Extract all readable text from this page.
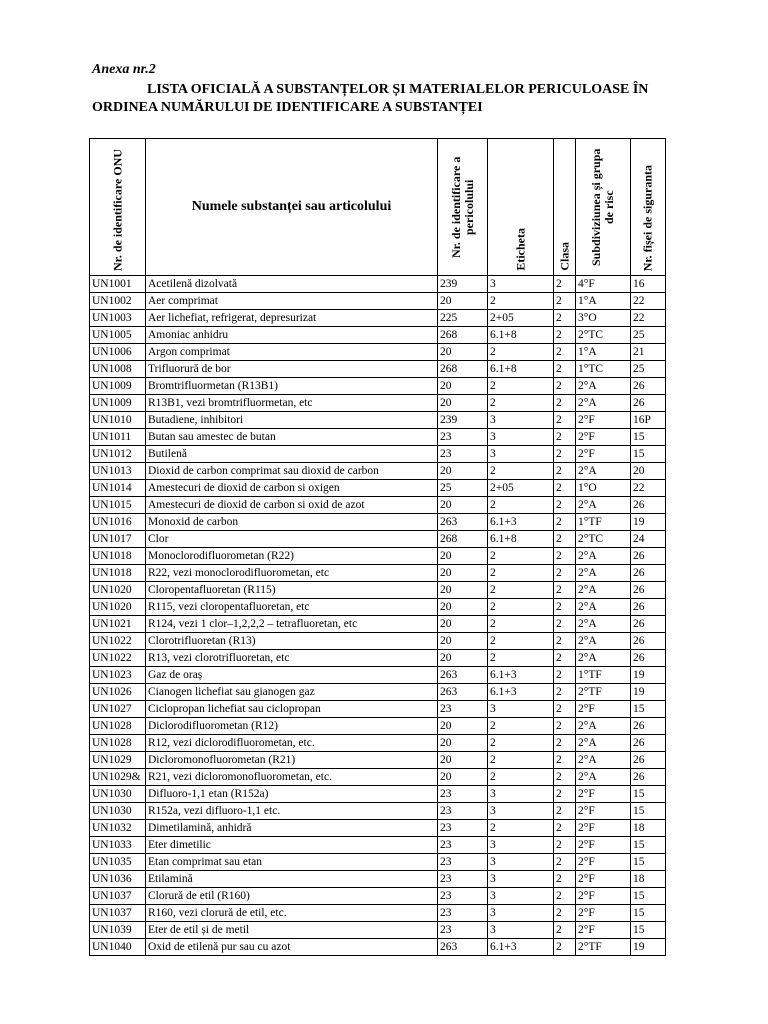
Anexa nr.2
LISTA OFICIALĂ A SUBSTANȚELOR ȘI MATERIALELOR PERICULOASE ÎN
ORDINEA NUMĂRULUI DE IDENTIFICARE A SUBSTANȚEI
Nr. de identificare ONU	Numele substanței sau articolului	Nr. de identificare a pericolului	Eticheta	Clasa	Subdiviziunea și grupa de risc	Nr. fișei de siguranta

UN1001	Acetilenă dizolvată	239	3	2	4°F	16
UN1002	Aer comprimat	20	2	2	1°A	22
UN1003	Aer lichefiat, refrigerat, depresurizat	225	2+05	2	3°O	22
UN1005	Amoniac anhidru	268	6.1+8	2	2°TC	25
UN1006	Argon comprimat	20	2	2	1°A	21
UN1008	Trifluorură de bor	268	6.1+8	2	1°TC	25
UN1009	Bromtrifluormetan (R13B1)	20	2	2	2°A	26
UN1009	R13B1, vezi bromtrifluormetan, etc	20	2	2	2°A	26
UN1010	Butadiene, inhibitori	239	3	2	2°F	16P
UN1011	Butan sau amestec de butan	23	3	2	2°F	15
UN1012	Butilenă	23	3	2	2°F	15
UN1013	Dioxid de carbon comprimat sau dioxid de carbon	20	2	2	2°A	20
UN1014	Amestecuri de dioxid de carbon si oxigen	25	2+05	2	1°O	22
UN1015	Amestecuri de dioxid de carbon si oxid de azot	20	2	2	2°A	26
UN1016	Monoxid de carbon	263	6.1+3	2	1°TF	19
UN1017	Clor	268	6.1+8	2	2°TC	24
UN1018	Monoclorodifluorometan (R22)	20	2	2	2°A	26
UN1018	R22, vezi monoclorodifluorometan, etc	20	2	2	2°A	26
UN1020	Cloropentafluoretan (R115)	20	2	2	2°A	26
UN1020	R115, vezi cloropentafluoretan, etc	20	2	2	2°A	26
UN1021	R124, vezi 1 clor–1,2,2,2 – tetrafluoretan, etc	20	2	2	2°A	26
UN1022	Clorotrifluoretan (R13)	20	2	2	2°A	26
UN1022	R13, vezi clorotrifluoretan, etc	20	2	2	2°A	26
UN1023	Gaz de oraș	263	6.1+3	2	1°TF	19
UN1026	Cianogen lichefiat sau gianogen gaz	263	6.1+3	2	2°TF	19
UN1027	Ciclopropan lichefiat sau ciclopropan	23	3	2	2°F	15
UN1028	Diclorodifluorometan (R12)	20	2	2	2°A	26
UN1028	R12, vezi diclorodifluorometan, etc.	20	2	2	2°A	26
UN1029	Dicloromonofluorometan (R21)	20	2	2	2°A	26
UN1029&	R21, vezi dicloromonofluorometan, etc.	20	2	2	2°A	26
UN1030	Difluoro-1,1 etan (R152a)	23	3	2	2°F	15
UN1030	R152a, vezi difluoro-1,1 etc.	23	3	2	2°F	15
UN1032	Dimetilamină, anhidră	23	2	2	2°F	18
UN1033	Eter dimetilic	23	3	2	2°F	15
UN1035	Etan comprimat sau etan	23	3	2	2°F	15
UN1036	Etilamină	23	3	2	2°F	18
UN1037	Clorură de etil (R160)	23	3	2	2°F	15
UN1037	R160, vezi clorură de etil, etc.	23	3	2	2°F	15
UN1039	Eter de etil și de metil	23	3	2	2°F	15
UN1040	Oxid de etilenă pur sau cu azot	263	6.1+3	2	2°TF	19
